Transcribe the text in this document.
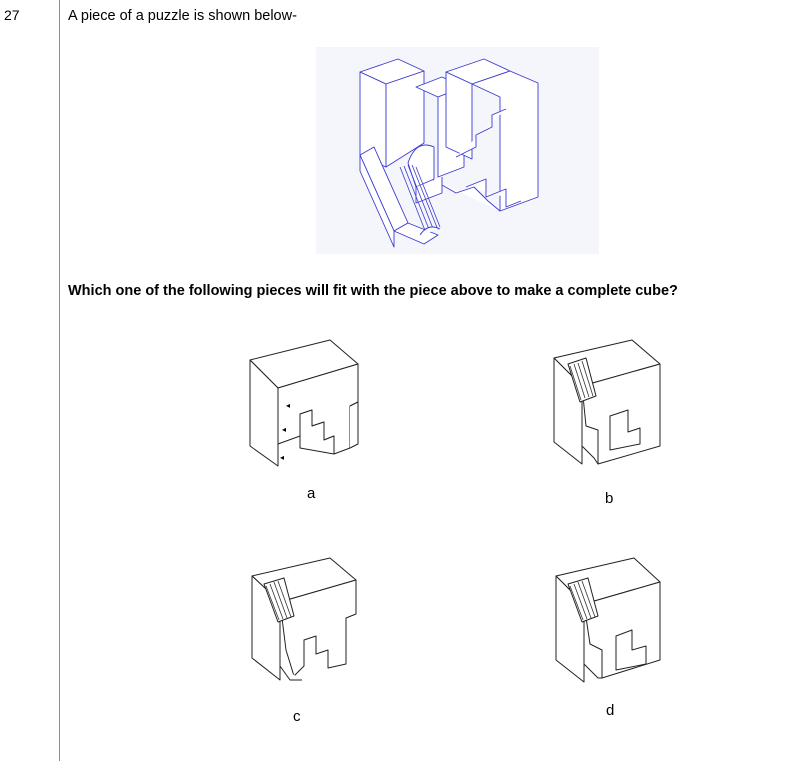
27	A piece of a puzzle is shown below-
Which one of the following pieces will fit with the piece above to make a complete cube?
◂
◂
◂
a	b
c	d
